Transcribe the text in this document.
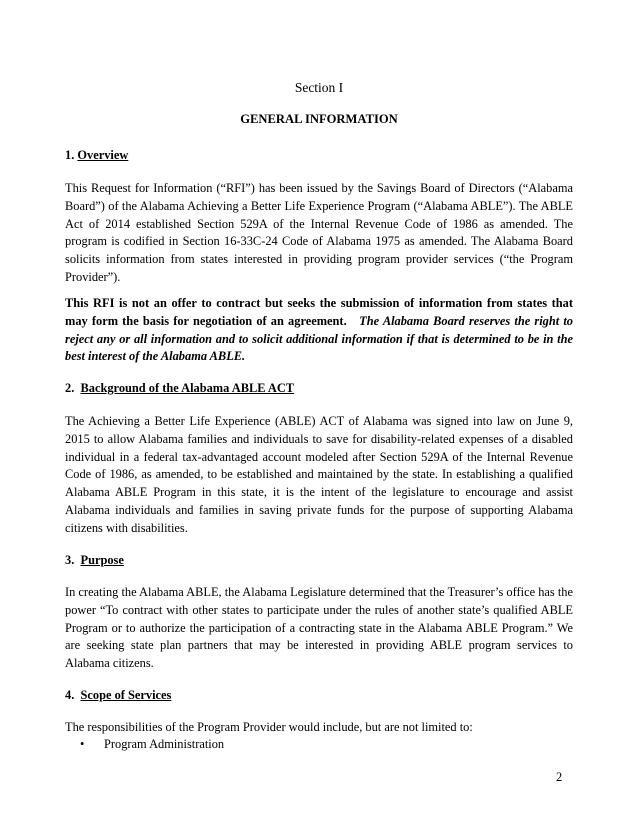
Section I

GENERAL INFORMATION

1. Overview

This Request for Information (“RFI”) has been issued by the Savings Board of Directors (“Alabama Board”) of the Alabama Achieving a Better Life Experience Program (“Alabama ABLE”). The ABLE Act of 2014 established Section 529A of the Internal Revenue Code of 1986 as amended. The program is codified in Section 16-33C-24 Code of Alabama 1975 as amended. The Alabama Board solicits information from states interested in providing program provider services (“the Program Provider”).

This RFI is not an offer to contract but seeks the submission of information from states that may form the basis for negotiation of an agreement. The Alabama Board reserves the right to reject any or all information and to solicit additional information if that is determined to be in the best interest of the Alabama ABLE.

2. Background of the Alabama ABLE ACT

The Achieving a Better Life Experience (ABLE) ACT of Alabama was signed into law on June 9, 2015 to allow Alabama families and individuals to save for disability-related expenses of a disabled individual in a federal tax-advantaged account modeled after Section 529A of the Internal Revenue Code of 1986, as amended, to be established and maintained by the state. In establishing a qualified Alabama ABLE Program in this state, it is the intent of the legislature to encourage and assist Alabama individuals and families in saving private funds for the purpose of supporting Alabama citizens with disabilities.

3. Purpose

In creating the Alabama ABLE, the Alabama Legislature determined that the Treasurer’s office has the power “To contract with other states to participate under the rules of another state’s qualified ABLE Program or to authorize the participation of a contracting state in the Alabama ABLE Program.” We are seeking state plan partners that may be interested in providing ABLE program services to Alabama citizens.

4. Scope of Services

The responsibilities of the Program Provider would include, but are not limited to:

• Program Administration

2
